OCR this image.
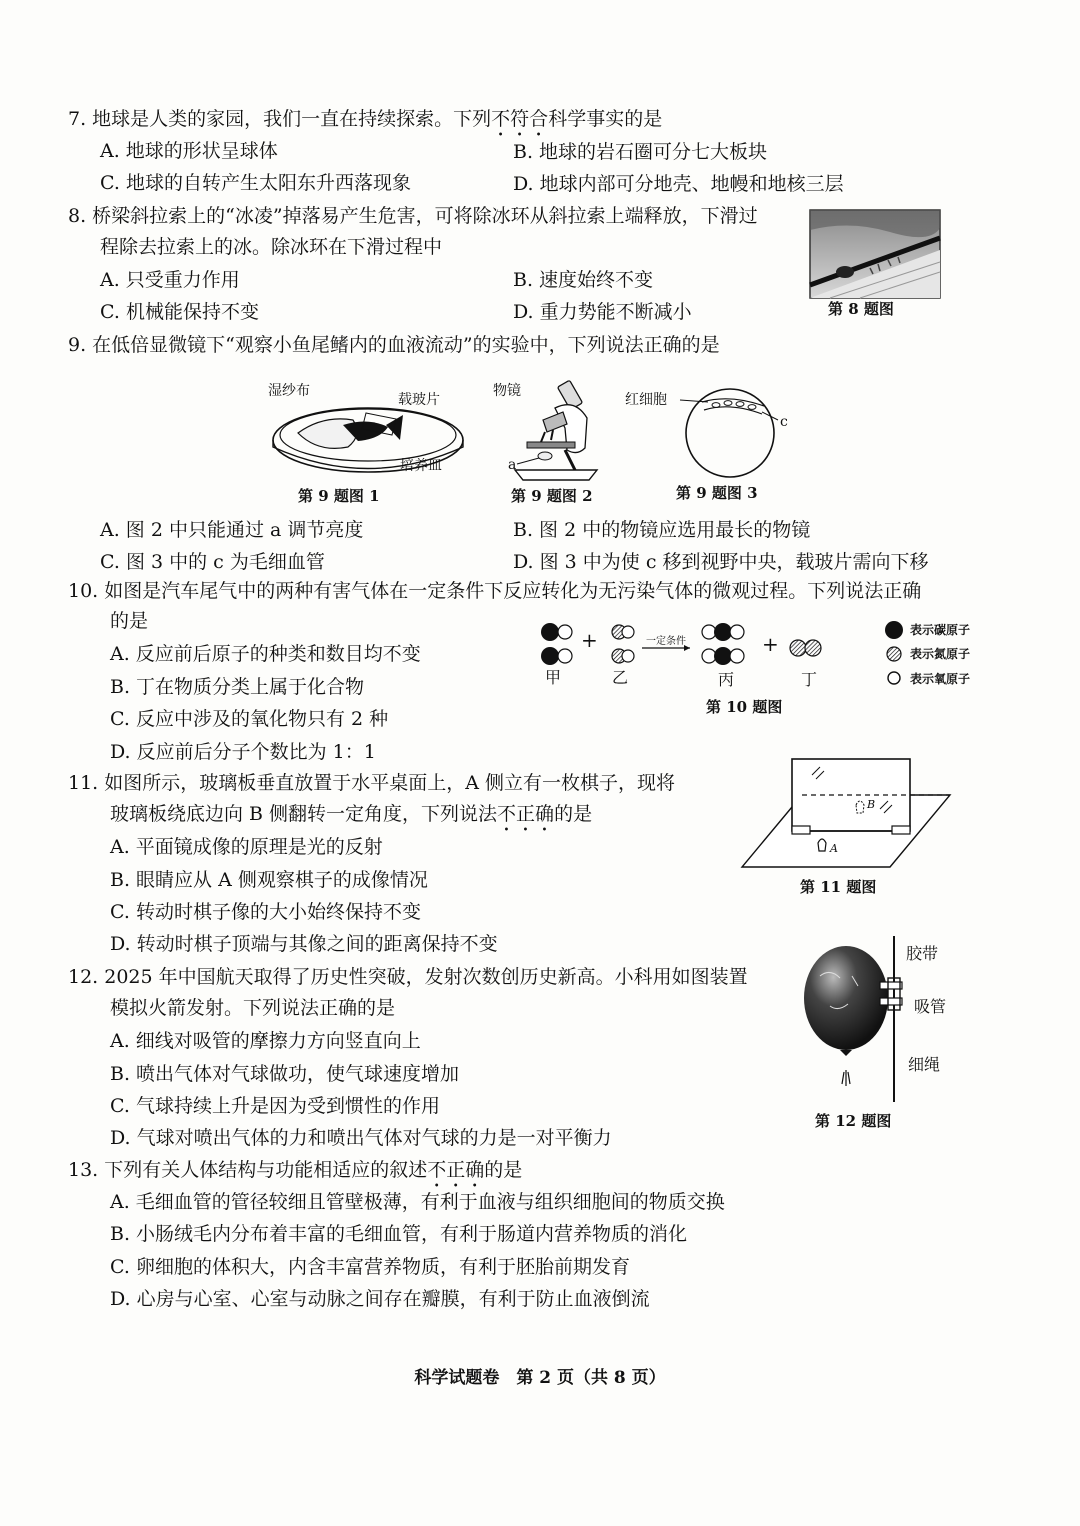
7. 地球是人类的家园，我们一直在持续探索。下列不符合科学事实的是
A. 地球的形状呈球体	B. 地球的岩石圈可分七大板块
C. 地球的自转产生太阳东升西落现象	D. 地球内部可分地壳、地幔和地核三层
8. 桥梁斜拉索上的“冰凌”掉落易产生危害，可将除冰环从斜拉索上端释放，下滑过
程除去拉索上的冰。除冰环在下滑过程中
A. 只受重力作用	B. 速度始终不变
C. 机械能保持不变	D. 重力势能不断减小	第 8 题图
9. 在低倍显微镜下“观察小鱼尾鳍内的血液流动”的实验中，下列说法正确的是
湿纱布
载玻片
培养皿
第 9 题图 1
物镜
a
第 9 题图 2
红细胞
c
第 9 题图 3
A. 图 2 中只能通过 a 调节亮度	B. 图 2 中的物镜应选用最长的物镜
C. 图 3 中的 c 为毛细血管	D. 图 3 中为使 c 移到视野中央，载玻片需向下移
10. 如图是汽车尾气中的两种有害气体在一定条件下反应转化为无污染气体的微观过程。下列说法正确
的是
A. 反应前后原子的种类和数目均不变
B. 丁在物质分类上属于化合物
C. 反应中涉及的氧化物只有 2 种
D. 反应前后分子个数比为 1：1
+	+
一定条件
甲	乙	丙	丁
表示碳原子
表示氮原子
表示氧原子
第 10 题图
11. 如图所示，玻璃板垂直放置于水平桌面上，A 侧立有一枚棋子，现将
玻璃板绕底边向 B 侧翻转一定角度，下列说法不正确的是
A. 平面镜成像的原理是光的反射
B. 眼睛应从 A 侧观察棋子的成像情况
C. 转动时棋子像的大小始终保持不变
D. 转动时棋子顶端与其像之间的距离保持不变
B
A
第 11 题图
12. 2025 年中国航天取得了历史性突破，发射次数创历史新高。小科用如图装置
模拟火箭发射。下列说法正确的是
A. 细线对吸管的摩擦力方向竖直向上
B. 喷出气体对气球做功，使气球速度增加
C. 气球持续上升是因为受到惯性的作用
D. 气球对喷出气体的力和喷出气体对气球的力是一对平衡力
胶带
吸管
细绳
第 12 题图
13. 下列有关人体结构与功能相适应的叙述不正确的是
A. 毛细血管的管径较细且管壁极薄，有利于血液与组织细胞间的物质交换
B. 小肠绒毛内分布着丰富的毛细血管，有利于肠道内营养物质的消化
C. 卵细胞的体积大，内含丰富营养物质，有利于胚胎前期发育
D. 心房与心室、心室与动脉之间存在瓣膜，有利于防止血液倒流
科学试题卷　第 2 页（共 8 页）
